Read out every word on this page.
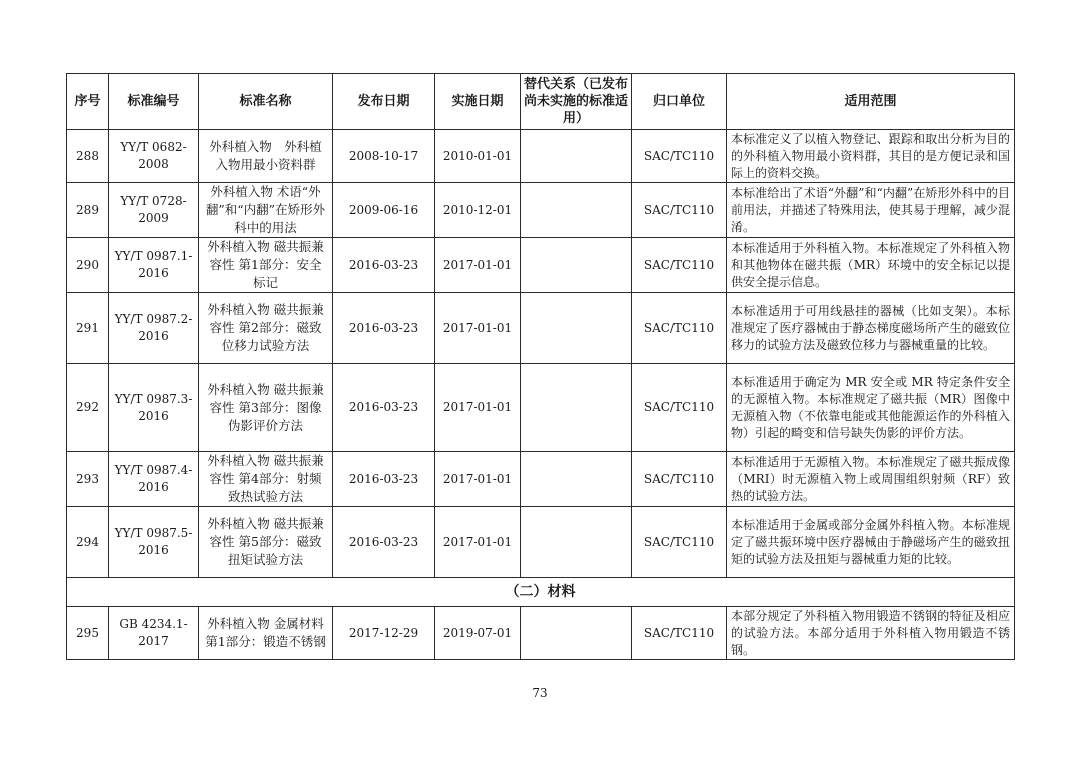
序号	标准编号	标准名称	发布日期	实施日期	替代关系（已发布尚未实施的标准适用）	归口单位	适用范围
288	YY/T 0682-2008	外科植入物　外科植入物用最小资料群	2008-10-17	2010-01-01		SAC/TC110	本标准定义了以植入物登记、跟踪和取出分析为目的的外科植入物用最小资料群，其目的是方便记录和国际上的资料交换。
289	YY/T 0728-2009	外科植入物 术语“外翻”和“内翻”在矫形外科中的用法	2009-06-16	2010-12-01		SAC/TC110	本标准给出了术语“外翻”和“内翻”在矫形外科中的目前用法，并描述了特殊用法，使其易于理解，减少混淆。
290	YY/T 0987.1-2016	外科植入物 磁共振兼容性 第1部分：安全标记	2016-03-23	2017-01-01		SAC/TC110	本标准适用于外科植入物。本标准规定了外科植入物和其他物体在磁共振（MR）环境中的安全标记以提供安全提示信息。
291	YY/T 0987.2-2016	外科植入物 磁共振兼容性 第2部分：磁致位移力试验方法	2016-03-23	2017-01-01		SAC/TC110	本标准适用于可用线悬挂的器械（比如支架）。本标准规定了医疗器械由于静态梯度磁场所产生的磁致位移力的试验方法及磁致位移力与器械重量的比较。
292	YY/T 0987.3-2016	外科植入物 磁共振兼容性 第3部分：图像伪影评价方法	2016-03-23	2017-01-01		SAC/TC110	本标准适用于确定为 MR 安全或 MR 特定条件安全的无源植入物。本标准规定了磁共振（MR）图像中无源植入物（不依靠电能或其他能源运作的外科植入物）引起的畸变和信号缺失伪影的评价方法。
293	YY/T 0987.4-2016	外科植入物 磁共振兼容性 第4部分：射频致热试验方法	2016-03-23	2017-01-01		SAC/TC110	本标准适用于无源植入物。本标准规定了磁共振成像（MRI）时无源植入物上或周围组织射频（RF）致热的试验方法。
294	YY/T 0987.5-2016	外科植入物 磁共振兼容性 第5部分：磁致扭矩试验方法	2016-03-23	2017-01-01		SAC/TC110	本标准适用于金属或部分金属外科植入物。本标准规定了磁共振环境中医疗器械由于静磁场产生的磁致扭矩的试验方法及扭矩与器械重力矩的比较。
（二）材料							
295	GB 4234.1-2017	外科植入物 金属材料 第1部分：锻造不锈钢	2017-12-29	2019-07-01		SAC/TC110	本部分规定了外科植入物用锻造不锈钢的特征及相应的试验方法。本部分适用于外科植入物用锻造不锈钢。
73
